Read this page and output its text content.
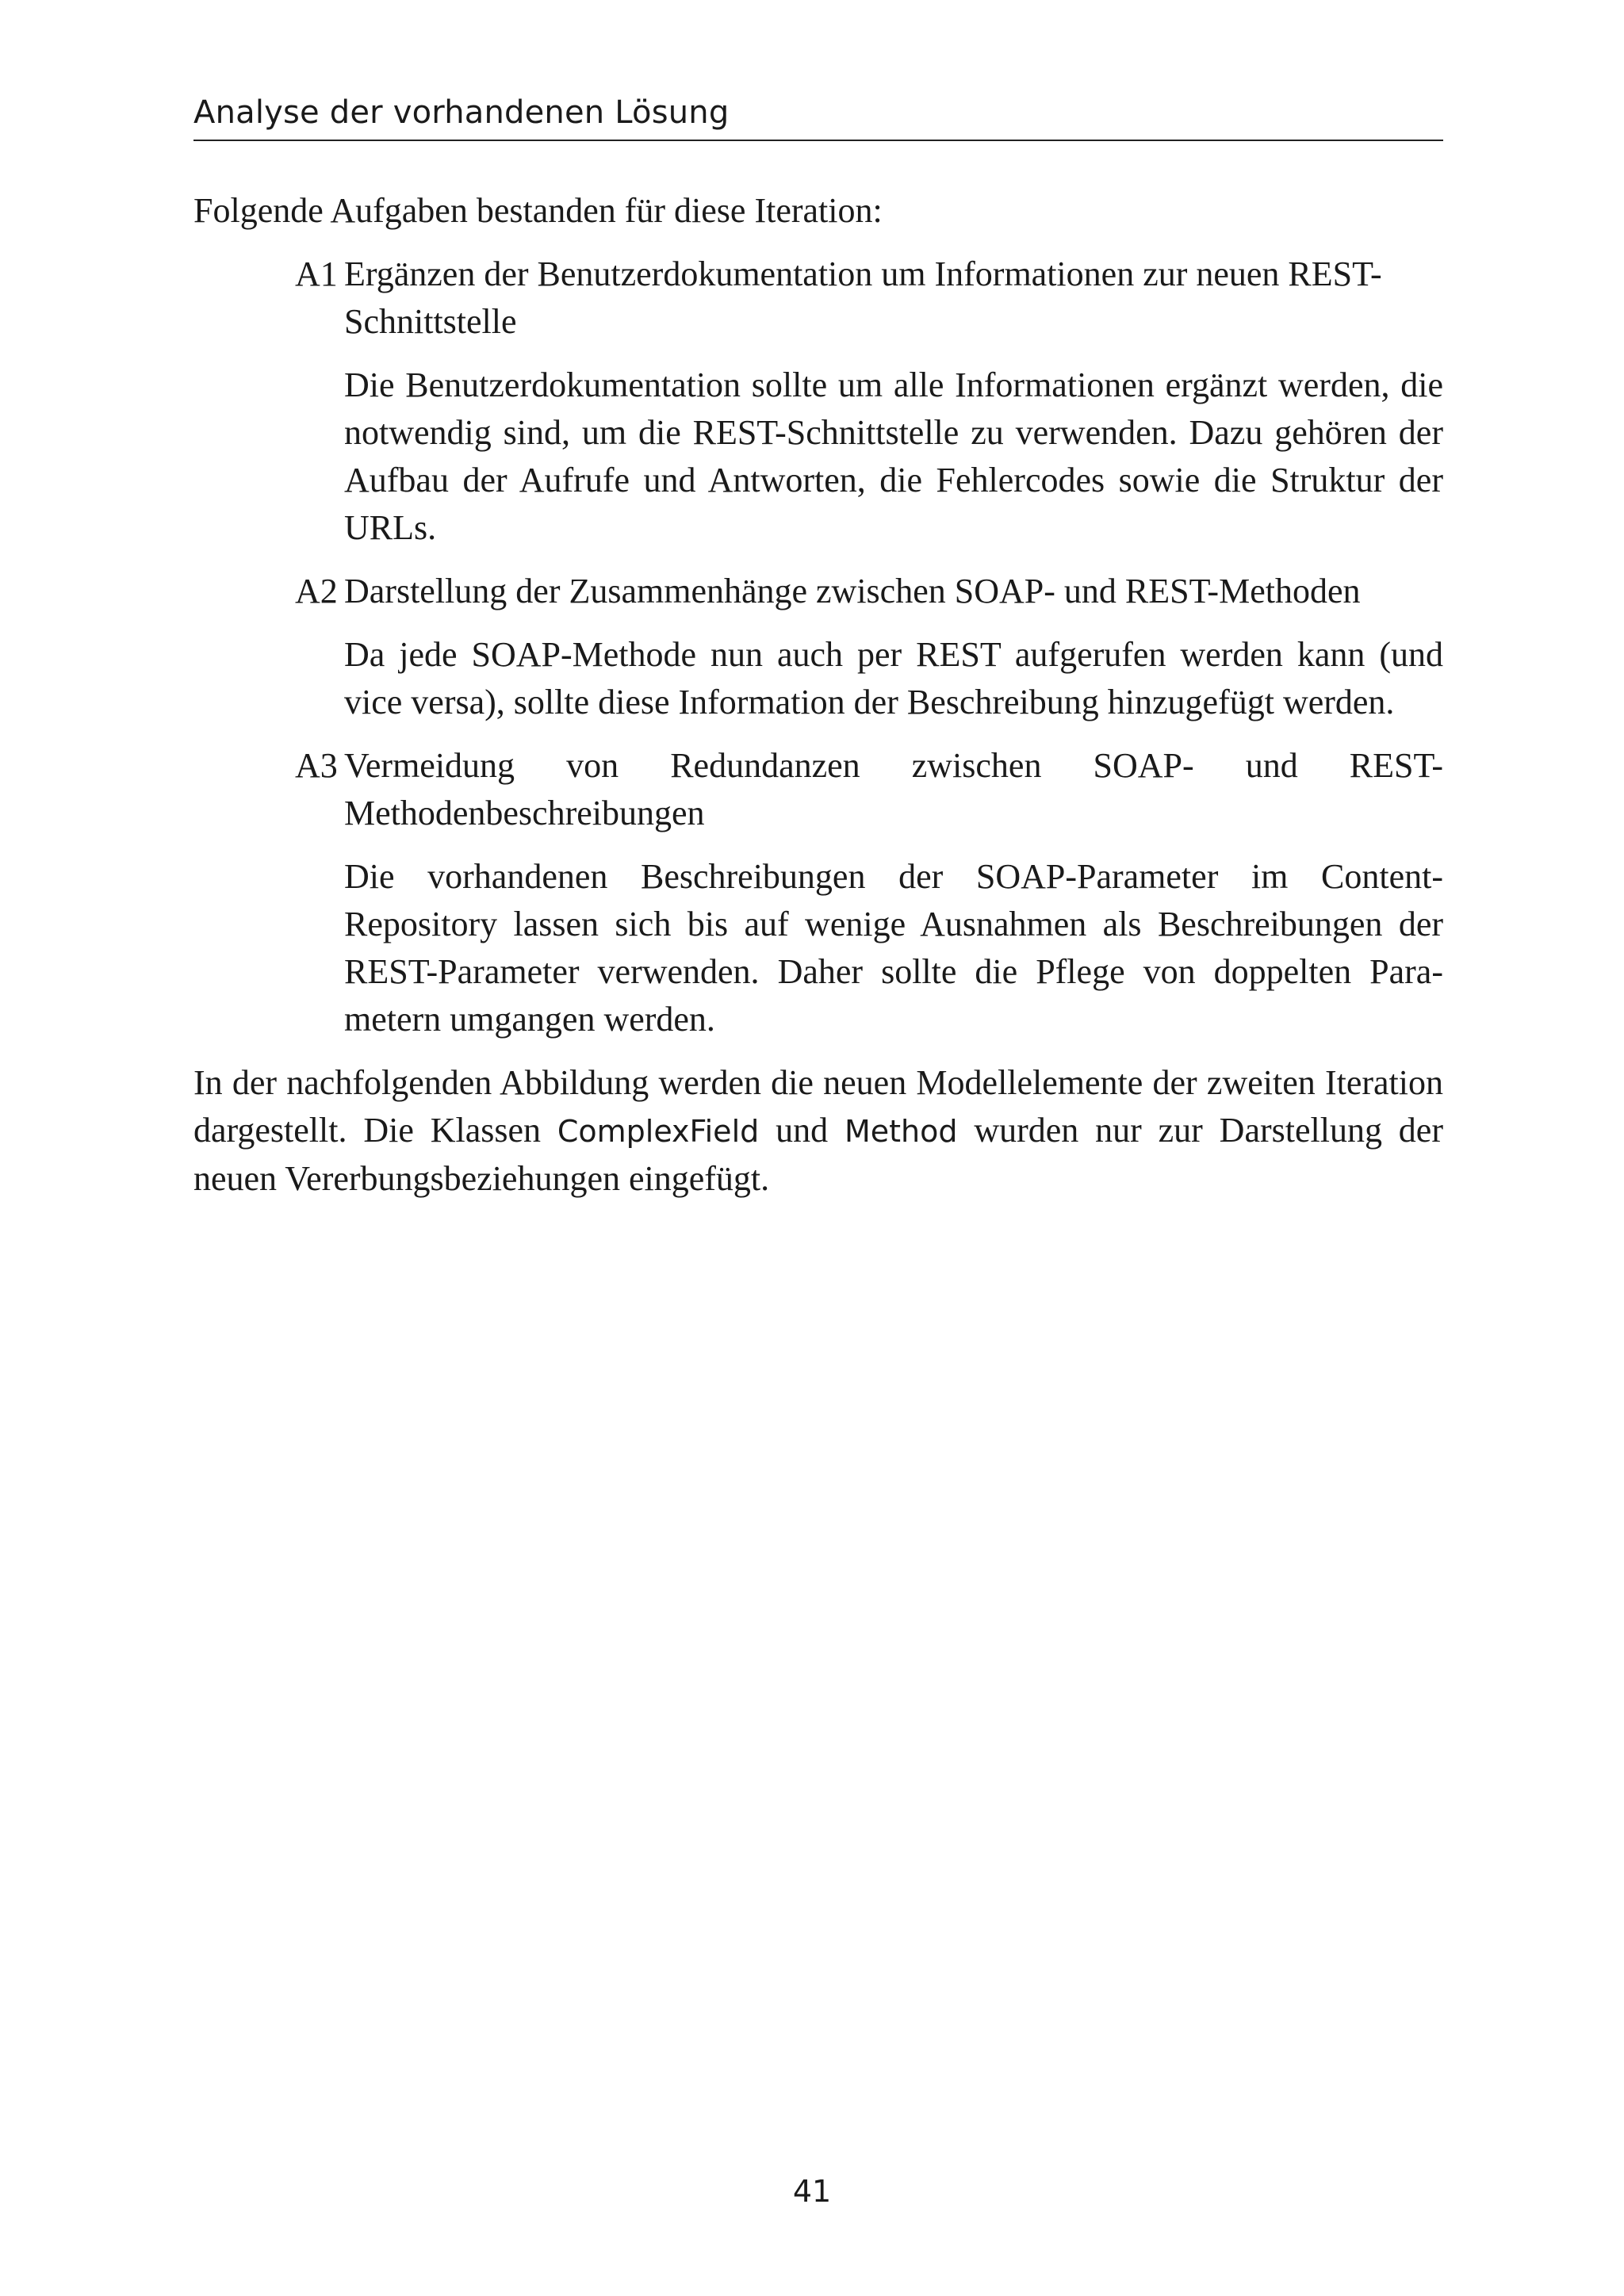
Analyse der vorhandenen Lösung

Folgende Aufgaben bestanden für diese Iteration:

A1 Ergänzen der Benutzerdokumentation um Informationen zur neuen REST-
Schnittstelle

Die Benutzerdokumentation sollte um alle Informationen ergänzt werden, die notwendig sind, um die REST-Schnittstelle zu verwenden. Dazu gehören der Aufbau der Aufrufe und Antworten, die Fehlercodes sowie die Struktur der URLs.

A2 Darstellung der Zusammenhänge zwischen SOAP- und REST-Methoden

Da jede SOAP-Methode nun auch per REST aufgerufen werden kann (und vice versa), sollte diese Information der Beschreibung hinzugefügt werden.

A3 Vermeidung von Redundanzen zwischen SOAP- und REST-
Methodenbeschreibungen

Die vorhandenen Beschreibungen der SOAP-Parameter im Content-Repository lassen sich bis auf wenige Ausnahmen als Beschreibungen der REST-Parameter verwenden. Daher sollte die Pflege von doppelten Parametern umgangen werden.

In der nachfolgenden Abbildung werden die neuen Modellelemente der zweiten Iteration dargestellt. Die Klassen ComplexField und Method wurden nur zur Darstellung der neuen Vererbungsbeziehungen eingefügt.

41
